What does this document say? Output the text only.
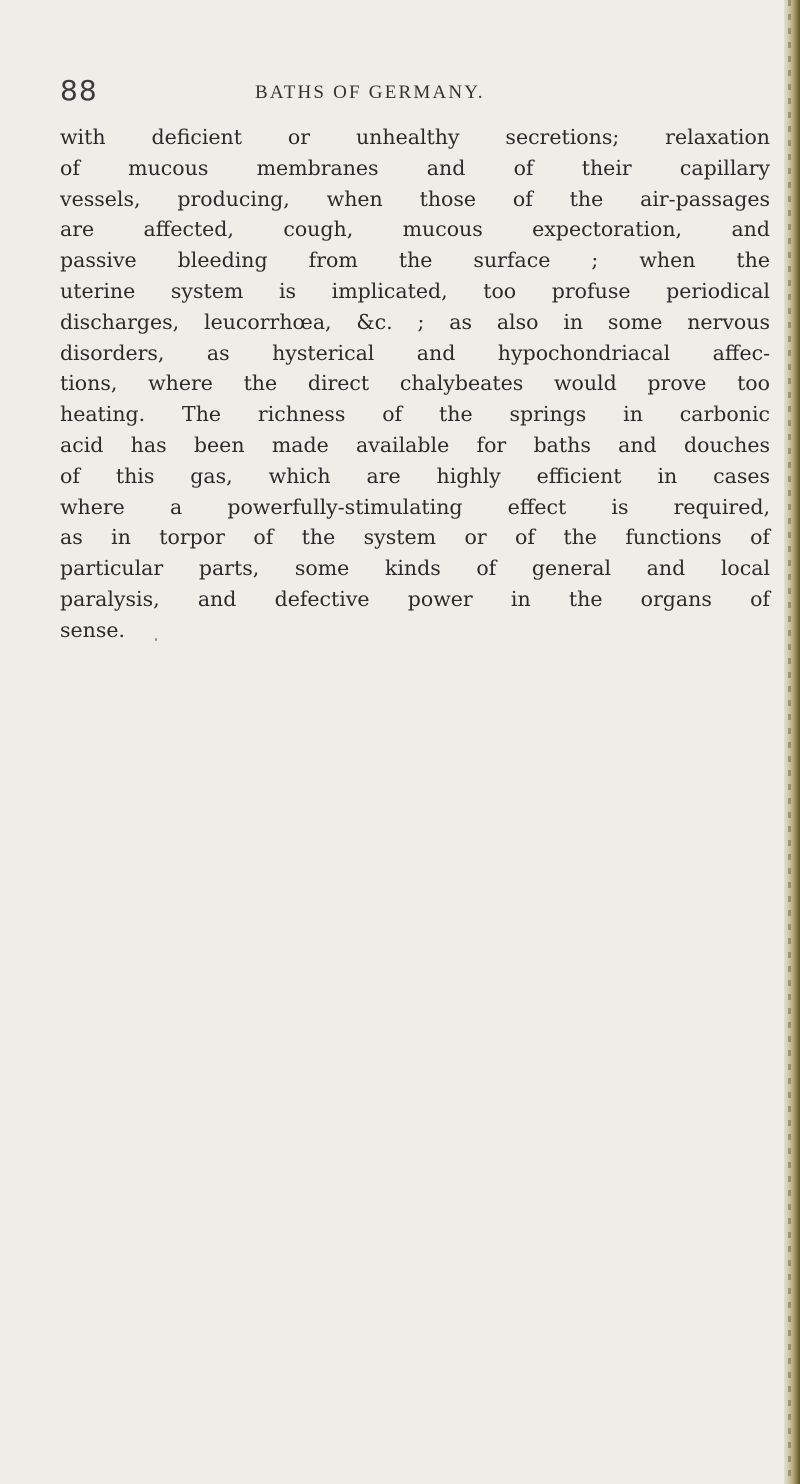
88	BATHS OF GERMANY.
with deficient or unhealthy secretions; relaxation
of mucous membranes and of their capillary
vessels, producing, when those of the air-passages
are affected, cough, mucous expectoration, and
passive bleeding from the surface ; when the
uterine system is implicated, too profuse periodical
discharges, leucorrhœa, &c. ; as also in some nervous
disorders, as hysterical and hypochondriacal affec-
tions, where the direct chalybeates would prove too
heating. The richness of the springs in carbonic
acid has been made available for baths and douches
of this gas, which are highly efficient in cases
where a powerfully-stimulating effect is required,
as in torpor of the system or of the functions of
particular parts, some kinds of general and local
paralysis, and defective power in the organs of
sense.
